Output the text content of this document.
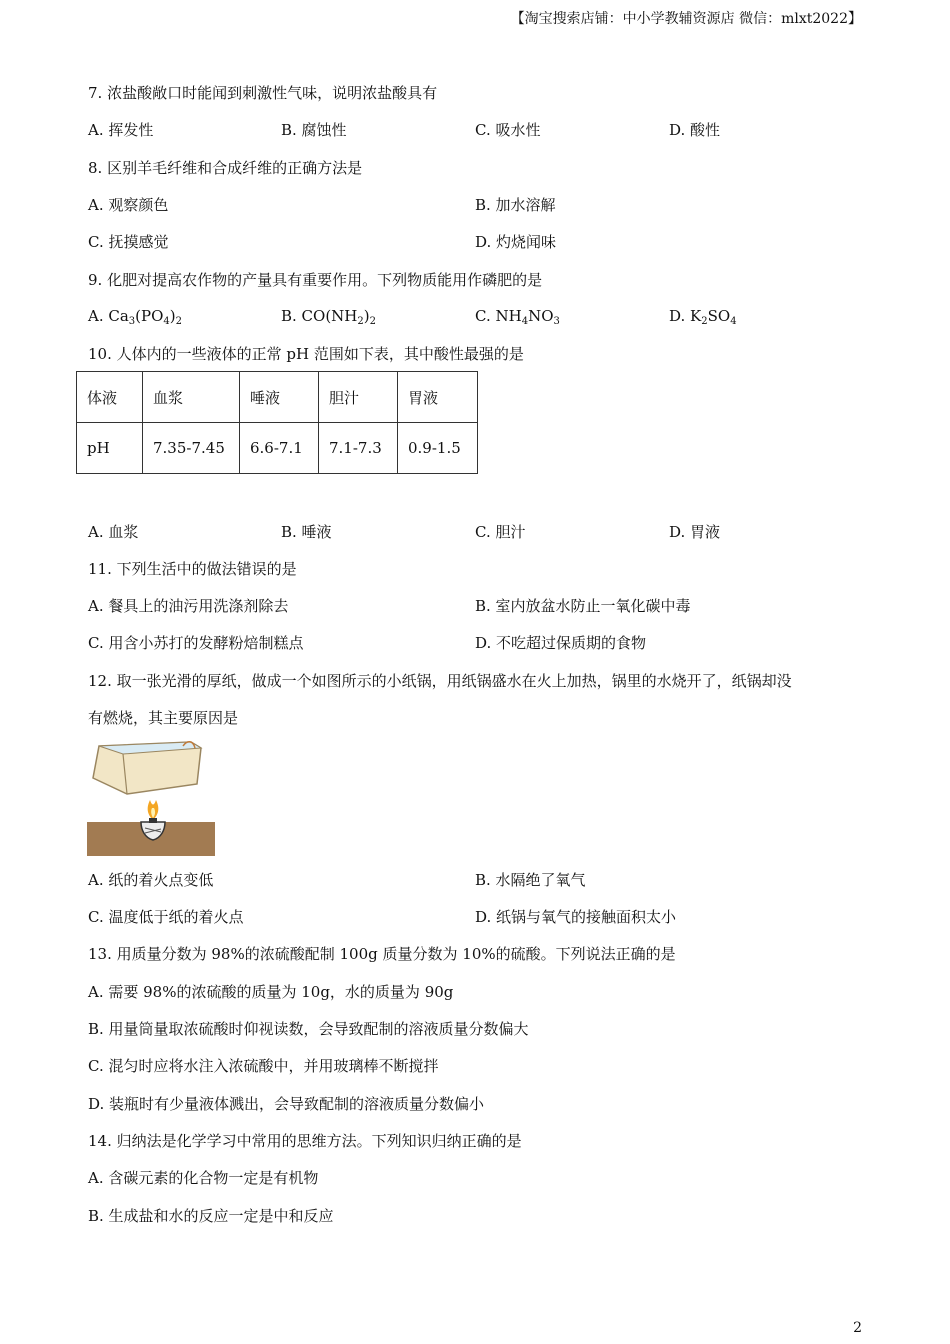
【淘宝搜索店铺：中小学教辅资源店 微信：mlxt2022】
7. 浓盐酸敞口时能闻到刺激性气味，说明浓盐酸具有
A. 挥发性	B. 腐蚀性	C. 吸水性	D. 酸性
8. 区别羊毛纤维和合成纤维的正确方法是
A. 观察颜色	B. 加水溶解
C. 抚摸感觉	D. 灼烧闻味
9. 化肥对提高农作物的产量具有重要作用。下列物质能用作磷肥的是
A. $Ca_3(PO_4)_2$	B. $CO(NH_2)_2$	C. $NH_4NO_3$	D. $K_2SO_4$
10. 人体内的一些液体的正常 pH 范围如下表，其中酸性最强的是
体液	血浆	唾液	胆汁	胃液
pH	7.35-7.45	6.6-7.1	7.1-7.3	0.9-1.5
A. 血浆	B. 唾液	C. 胆汁	D. 胃液
11. 下列生活中的做法错误的是
A. 餐具上的油污用洗涤剂除去	B. 室内放盆水防止一氧化碳中毒
C. 用含小苏打的发酵粉焙制糕点	D. 不吃超过保质期的食物
12. 取一张光滑的厚纸，做成一个如图所示的小纸锅，用纸锅盛水在火上加热，锅里的水烧开了，纸锅却没
有燃烧，其主要原因是
A. 纸的着火点变低	B. 水隔绝了氧气
C. 温度低于纸的着火点	D. 纸锅与氧气的接触面积太小
13. 用质量分数为 98%的浓硫酸配制 100g 质量分数为 10%的硫酸。下列说法正确的是
A. 需要 98%的浓硫酸的质量为 10g，水的质量为 90g
B. 用量筒量取浓硫酸时仰视读数，会导致配制的溶液质量分数偏大
C. 混匀时应将水注入浓硫酸中，并用玻璃棒不断搅拌
D. 装瓶时有少量液体溅出，会导致配制的溶液质量分数偏小
14. 归纳法是化学学习中常用的思维方法。下列知识归纳正确的是
A. 含碳元素的化合物一定是有机物
B. 生成盐和水的反应一定是中和反应
2
